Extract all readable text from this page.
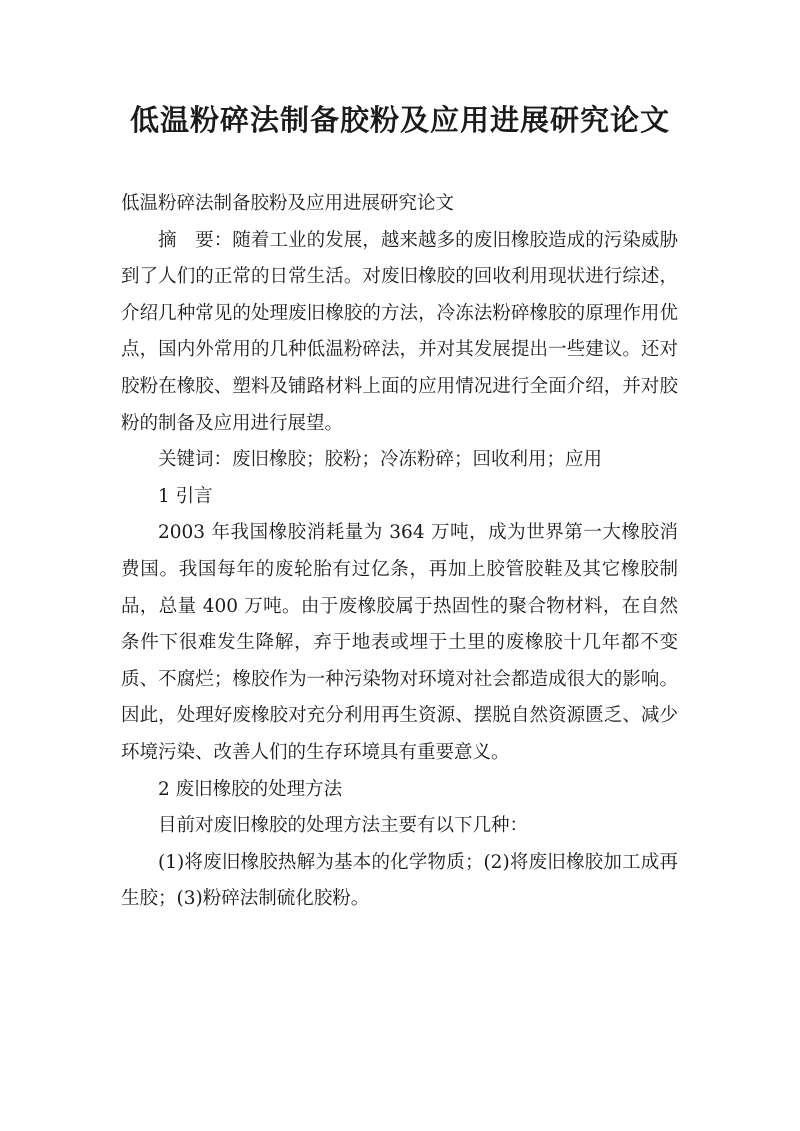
低温粉碎法制备胶粉及应用进展研究论文

低温粉碎法制备胶粉及应用进展研究论文

摘　要：随着工业的发展，越来越多的废旧橡胶造成的污染威胁到了人们的正常的日常生活。对废旧橡胶的回收利用现状进行综述，介绍几种常见的处理废旧橡胶的方法，冷冻法粉碎橡胶的原理作用优点，国内外常用的几种低温粉碎法，并对其发展提出一些建议。还对胶粉在橡胶、塑料及铺路材料上面的应用情况进行全面介绍，并对胶粉的制备及应用进行展望。

关键词：废旧橡胶；胶粉；冷冻粉碎；回收利用；应用

1 引言

2003 年我国橡胶消耗量为 364 万吨，成为世界第一大橡胶消费国。我国每年的废轮胎有过亿条，再加上胶管胶鞋及其它橡胶制品，总量 400 万吨。由于废橡胶属于热固性的聚合物材料，在自然条件下很难发生降解，弃于地表或埋于土里的废橡胶十几年都不变质、不腐烂；橡胶作为一种污染物对环境对社会都造成很大的影响。因此，处理好废橡胶对充分利用再生资源、摆脱自然资源匮乏、减少环境污染、改善人们的生存环境具有重要意义。

2 废旧橡胶的处理方法

目前对废旧橡胶的处理方法主要有以下几种：

(1)将废旧橡胶热解为基本的化学物质；(2)将废旧橡胶加工成再生胶；(3)粉碎法制硫化胶粉。
